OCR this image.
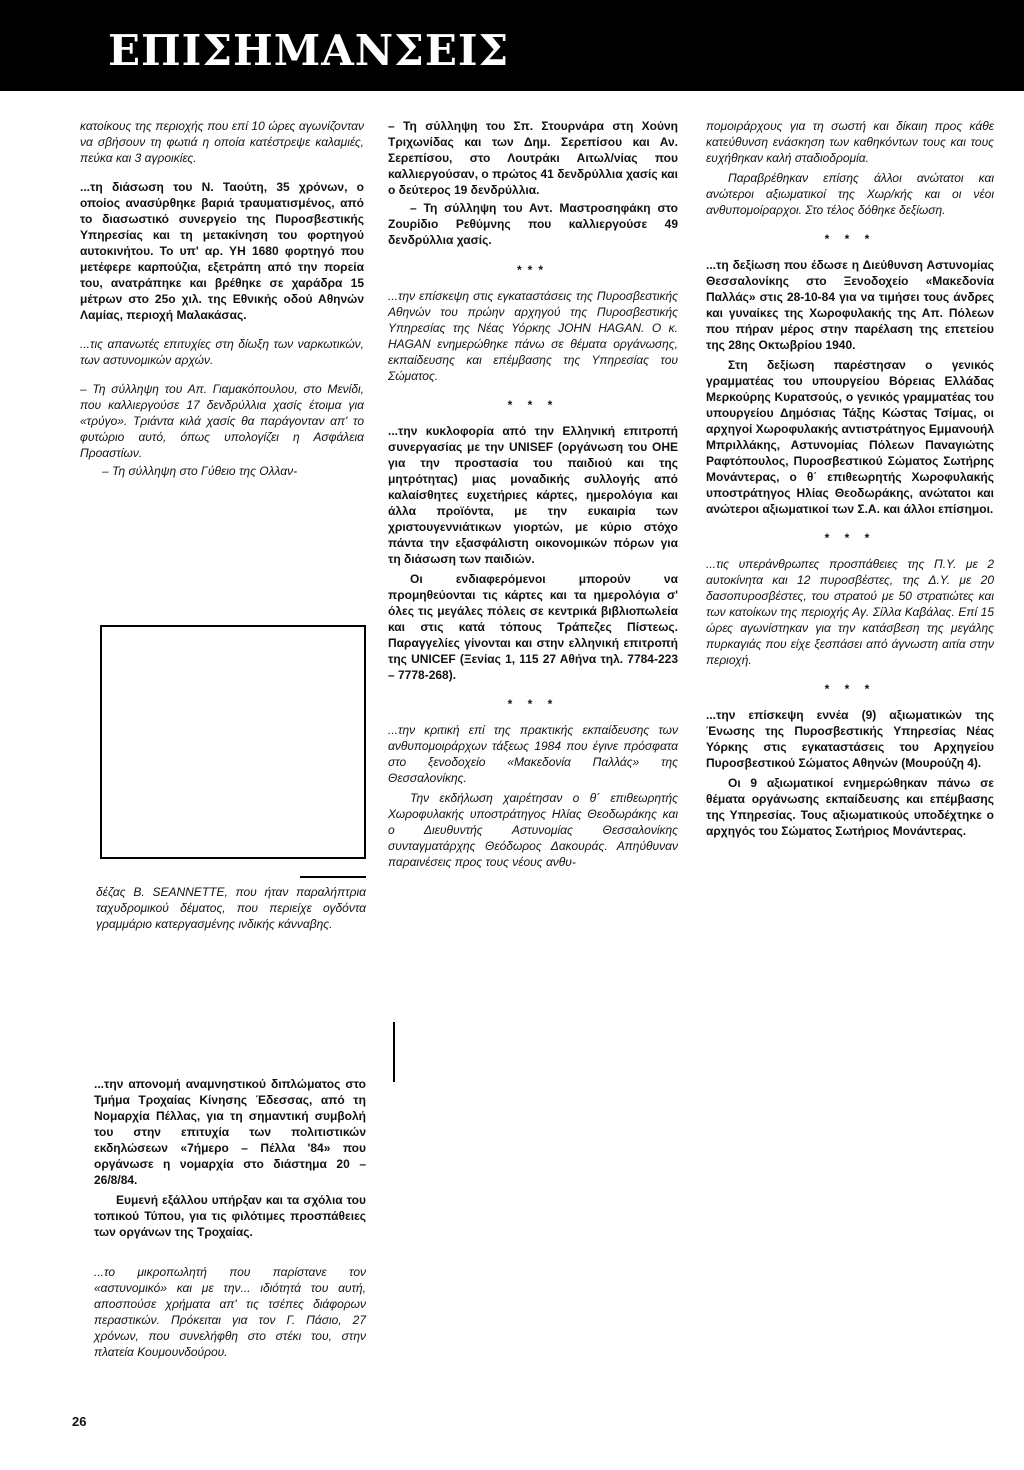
ΕΠΙΣΗΜΑΝΣΕΙΣ

κατοίκους της περιοχής που επί 10 ώρες αγωνίζονταν να σβήσουν τη φωτιά η οποία κατέστρεψε καλαμιές, πεύκα και 3 αγροικίες.

...τη διάσωση του Ν. Ταούτη, 35 χρόνων, ο οποίος ανασύρθηκε βαριά τραυματισμένος, από το διασωστικό συνεργείο της Πυροσβεστικής Υπηρεσίας και τη μετακίνηση του φορτηγού αυτοκινήτου. Το υπ' αρ. ΥΗ 1680 φορτηγό που μετέφερε καρπούζια, εξετράπη από την πορεία του, ανατράπηκε και βρέθηκε σε χαράδρα 15 μέτρων στο 25ο χιλ. της Εθνικής οδού Αθηνών Λαμίας, περιοχή Μαλακάσας.

...τις απανωτές επιτυχίες στη δίωξη των ναρκωτικών, των αστυνομικών αρχών.

– Τη σύλληψη του Απ. Γιαμακόπουλου, στο Μενίδι, που καλλιεργούσε 17 δενδρύλλια χασίς έτοιμα για «τρύγο». Τριάντα κιλά χασίς θα παράγονταν απ' το φυτώριο αυτό, όπως υπολογίζει η Ασφάλεια Προαστίων.

– Τη σύλληψη στο Γύθειο της Ολλαν-

δέζας Β. SEANNETTE, που ήταν παραλήπτρια ταχυδρομικού δέματος, που περιείχε ογδόντα γραμμάριο κατεργασμένης ινδικής κάνναβης.

– Τη σύλληψη του Σπ. Στουρνάρα στη Χούνη Τριχωνίδας και των Δημ. Σερεπίσου και Αν. Σερεπίσου, στο Λουτράκι Αιτωλ/νίας που καλλιεργούσαν, ο πρώτος 41 δενδρύλλια χασίς και ο δεύτερος 19 δενδρύλλια.

– Τη σύλληψη του Αντ. Μαστροσηφάκη στο Ζουρίδιο Ρεθύμνης που καλλιεργούσε 49 δενδρύλλια χασίς.

***

...την επίσκεψη στις εγκαταστάσεις της Πυροσβεστικής Αθηνών του πρώην αρχηγού της Πυροσβεστικής Υπηρεσίας της Νέας Υόρκης JOHN HAGAN. Ο κ. HAGAN ενημερώθηκε πάνω σε θέματα οργάνωσης, εκπαίδευσης και επέμβασης της Υπηρεσίας του Σώματος.

* * *

...την κυκλοφορία από την Ελληνική επιτροπή συνεργασίας με την UNISEF (οργάνωση του ΟΗΕ για την προστασία του παιδιού και της μητρότητας) μιας μοναδικής συλλογής από καλαίσθητες ευχετήριες κάρτες, ημερολόγια και άλλα προϊόντα, με την ευκαιρία των χριστουγεννιάτικων γιορτών, με κύριο στόχο πάντα την εξασφάλιστη οικονομικών πόρων για τη διάσωση των παιδιών.

Οι ενδιαφερόμενοι μπορούν να προμηθεύονται τις κάρτες και τα ημερολόγια σ' όλες τις μεγάλες πόλεις σε κεντρικά βιβλιοπωλεία και στις κατά τόπους Τράπεζες Πίστεως. Παραγγελίες γίνονται και στην ελληνική επιτροπή της UNICEF (Ξενίας 1, 115 27 Αθήνα τηλ. 7784-223 – 7778-268).

* * *

...την κριτική επί της πρακτικής εκπαίδευσης των ανθυπομοιράρχων τάξεως 1984 που έγινε πρόσφατα στο ξενοδοχείο «Μακεδονία Παλλάς» της Θεσσαλονίκης.

Την εκδήλωση χαιρέτησαν ο θ΄ επιθεωρητής Χωροφυλακής υποστράτηγος Ηλίας Θεοδωράκης και ο Διευθυντής Αστυνομίας Θεσσαλονίκης συνταγματάρχης Θεόδωρος Δακουράς. Απηύθυναν παραινέσεις προς τους νέους ανθυ-

πομοιράρχους για τη σωστή και δίκαιη προς κάθε κατεύθυνση ενάσκηση των καθηκόντων τους και τους ευχήθηκαν καλή σταδιοδρομία.

Παραβρέθηκαν επίσης άλλοι ανώτατοι και ανώτεροι αξιωματικοί της Χωρ/κής και οι νέοι ανθυπομοίραρχοι. Στο τέλος δόθηκε δεξίωση.

* * *

...τη δεξίωση που έδωσε η Διεύθυνση Αστυνομίας Θεσσαλονίκης στο Ξενοδοχείο «Μακεδονία Παλλάς» στις 28-10-84 για να τιμήσει τους άνδρες και γυναίκες της Χωροφυλακής της Απ. Πόλεων που πήραν μέρος στην παρέλαση της επετείου της 28ης Οκτωβρίου 1940.

Στη δεξίωση παρέστησαν ο γενικός γραμματέας του υπουργείου Βόρειας Ελλάδας Μερκούρης Κυρατσούς, ο γενικός γραμματέας του υπουργείου Δημόσιας Τάξης Κώστας Τσίμας, οι αρχηγοί Χωροφυλακής αντιστράτηγος Εμμανουήλ Μπριλλάκης, Αστυνομίας Πόλεων Παναγιώτης Ραφτόπουλος, Πυροσβεστικού Σώματος Σωτήρης Μονάντερας, ο θ΄ επιθεωρητής Χωροφυλακής υποστράτηγος Ηλίας Θεοδωράκης, ανώτατοι και ανώτεροι αξιωματικοί των Σ.Α. και άλλοι επίσημοι.

* * *

...τις υπεράνθρωπες προσπάθειες της Π.Υ. με 2 αυτοκίνητα και 12 πυροσβέστες, της Δ.Υ. με 20 δασοπυροσβέστες, του στρατού με 50 στρατιώτες και των κατοίκων της περιοχής Αγ. Σίλλα Καβάλας. Επί 15 ώρες αγωνίστηκαν για την κατάσβεση της μεγάλης πυρκαγιάς που είχε ξεσπάσει από άγνωστη αιτία στην περιοχή.

* * *

...την επίσκεψη εννέα (9) αξιωματικών της Ένωσης της Πυροσβεστικής Υπηρεσίας Νέας Υόρκης στις εγκαταστάσεις του Αρχηγείου Πυροσβεστικού Σώματος Αθηνών (Μουρούζη 4).

Οι 9 αξιωματικοί ενημερώθηκαν πάνω σε θέματα οργάνωσης εκπαίδευσης και επέμβασης της Υπηρεσίας. Τους αξιωματικούς υποδέχτηκε ο αρχηγός του Σώματος Σωτήριος Μονάντερας.

...την απονομή αναμνηστικού διπλώματος στο Τμήμα Τροχαίας Κίνησης Έδεσσας, από τη Νομαρχία Πέλλας, για τη σημαντική συμβολή του στην επιτυχία των πολιτιστικών εκδηλώσεων «7ήμερο – Πέλλα '84» που οργάνωσε η νομαρχία στο διάστημα 20 – 26/8/84.

Ευμενή εξάλλου υπήρξαν και τα σχόλια του τοπικού Τύπου, για τις φιλότιμες προσπάθειες των οργάνων της Τροχαίας.

...το μικροπωλητή που παρίστανε τον «αστυνομικό» και με την... ιδιότητά του αυτή, αποσπούσε χρήματα απ' τις τσέπες διάφορων περαστικών. Πρόκειται για τον Γ. Πάσιο, 27 χρόνων, που συνελήφθη στο στέκι του, στην πλατεία Κουμουνδούρου.

26
